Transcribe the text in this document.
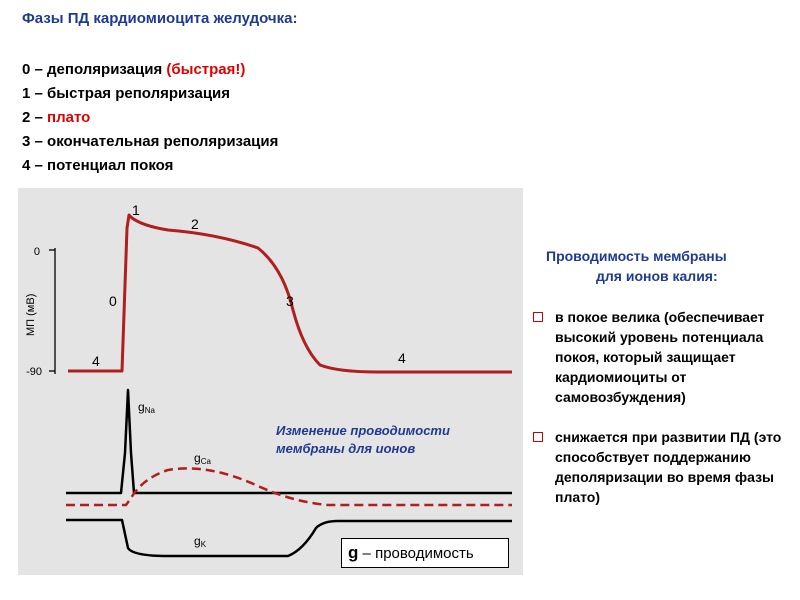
Фазы ПД кардиомиоцита желудочка:
0 – деполяризация (быстрая!)
1 – быстрая реполяризация
2 – плато
3 – окончательная реполяризация
4 – потенциал покоя
0
-90
МП (мВ)
4
0
1
2
3
4
gNa
gCa
gK
Изменение проводимости мембраны для ионов
g – проводимость
Проводимость мембраны
для ионов калия:
в покое велика (обеспечивает высокий уровень потенциала покоя, который защищает кардиомиоциты от самовозбуждения)
снижается при развитии ПД (это способствует поддержанию деполяризации во время фазы плато)
